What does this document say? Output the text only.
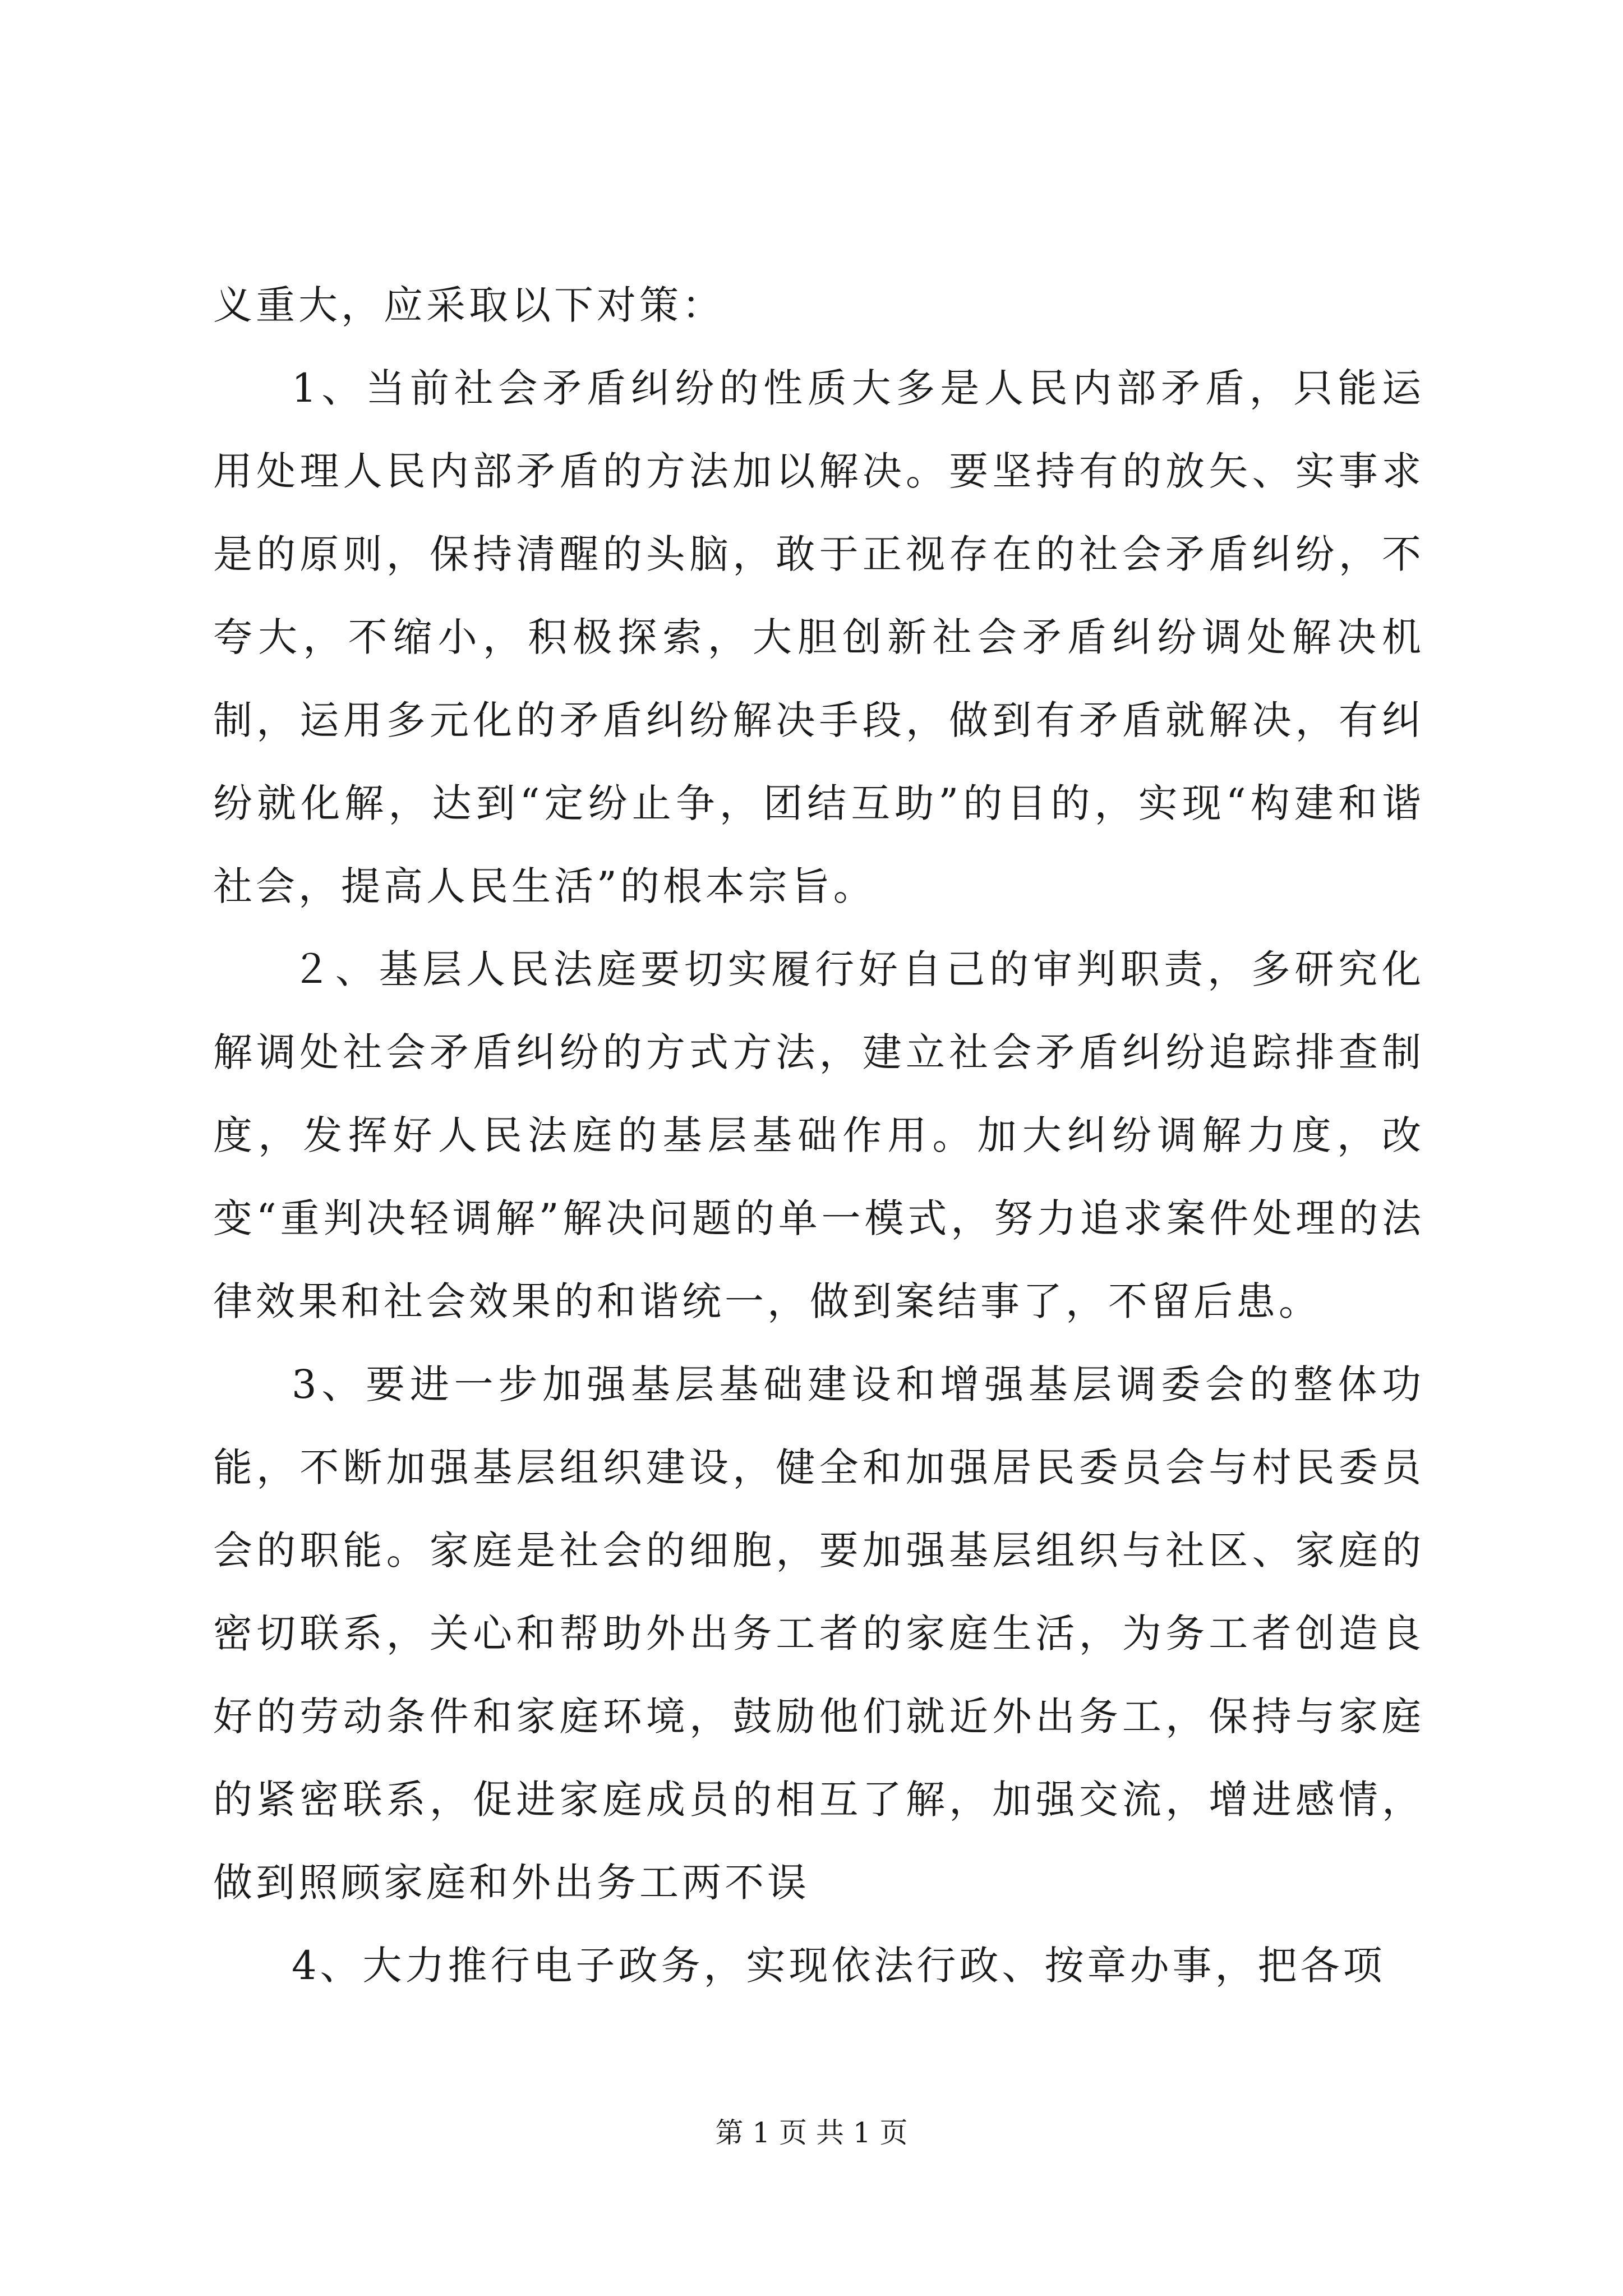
义重大，应采取以下对策：

1、当前社会矛盾纠纷的性质大多是人民内部矛盾，只能运用处理人民内部矛盾的方法加以解决。要坚持有的放矢、实事求是的原则，保持清醒的头脑，敢于正视存在的社会矛盾纠纷，不夸大，不缩小，积极探索，大胆创新社会矛盾纠纷调处解决机制，运用多元化的矛盾纠纷解决手段，做到有矛盾就解决，有纠纷就化解，达到“定纷止争，团结互助”的目的，实现“构建和谐社会，提高人民生活”的根本宗旨。

２、基层人民法庭要切实履行好自己的审判职责，多研究化解调处社会矛盾纠纷的方式方法，建立社会矛盾纠纷追踪排查制度，发挥好人民法庭的基层基础作用。加大纠纷调解力度，改变“重判决轻调解”解决问题的单一模式，努力追求案件处理的法律效果和社会效果的和谐统一，做到案结事了，不留后患。

3、要进一步加强基层基础建设和增强基层调委会的整体功能，不断加强基层组织建设，健全和加强居民委员会与村民委员会的职能。家庭是社会的细胞，要加强基层组织与社区、家庭的密切联系，关心和帮助外出务工者的家庭生活，为务工者创造良好的劳动条件和家庭环境，鼓励他们就近外出务工，保持与家庭的紧密联系，促进家庭成员的相互了解，加强交流，增进感情，做到照顾家庭和外出务工两不误

4、大力推行电子政务，实现依法行政、按章办事，把各项

第 1 页 共 1 页
